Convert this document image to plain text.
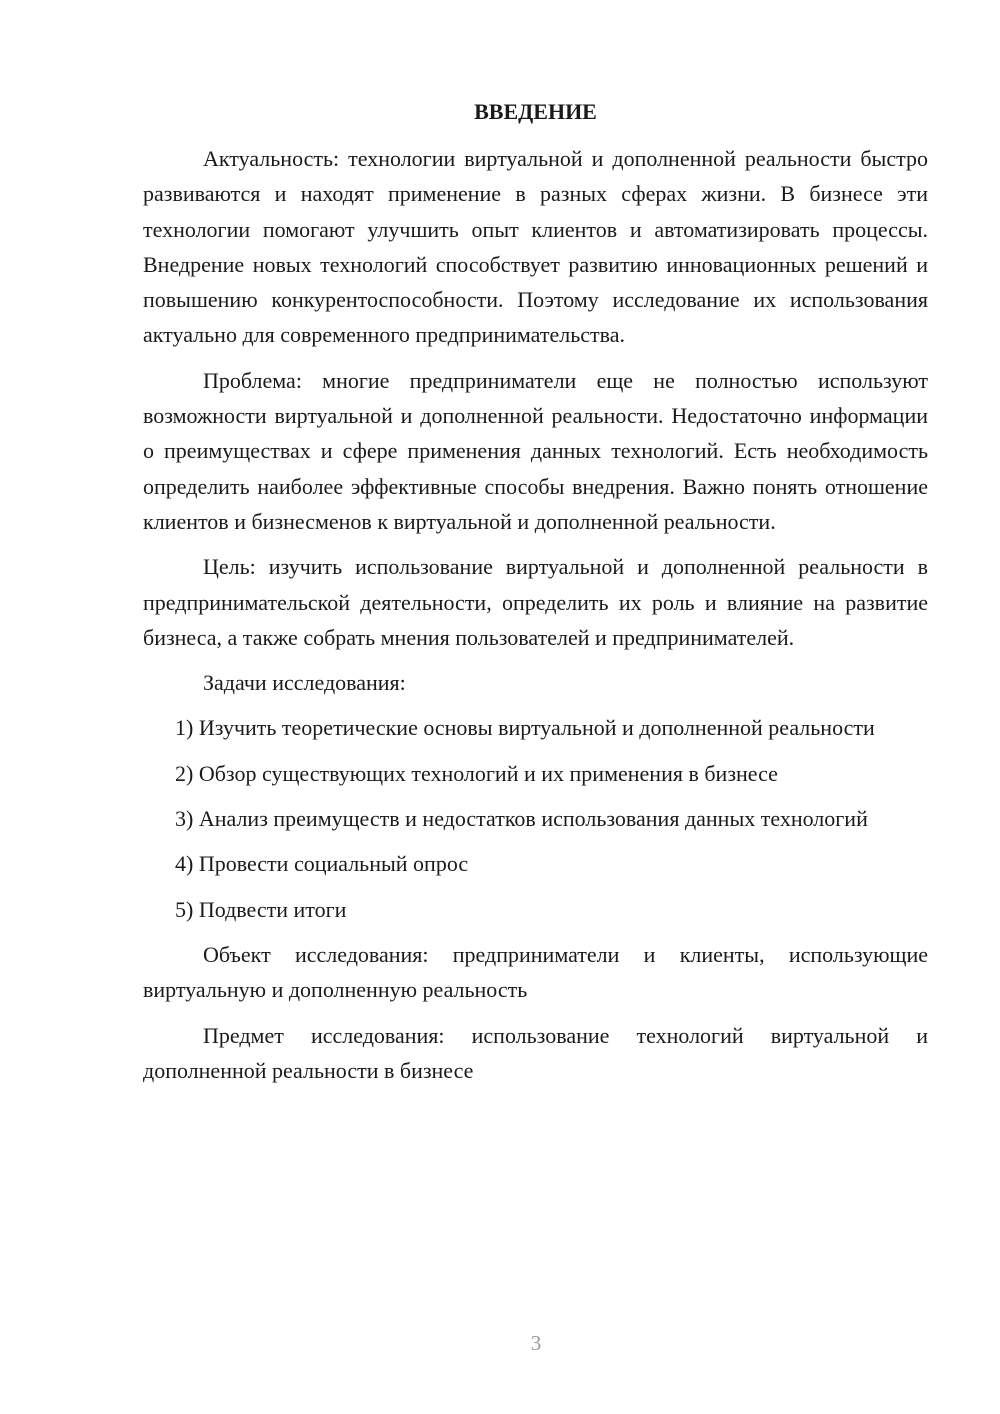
ВВЕДЕНИЕ

Актуальность: технологии виртуальной и дополненной реальности быстро развиваются и находят применение в разных сферах жизни. В бизнесе эти технологии помогают улучшить опыт клиентов и автоматизировать процессы. Внедрение новых технологий способствует развитию инновационных решений и повышению конкурентоспособности. Поэтому исследование их использования актуально для современного предпринимательства.

Проблема: многие предприниматели еще не полностью используют возможности виртуальной и дополненной реальности. Недостаточно информации о преимуществах и сфере применения данных технологий. Есть необходимость определить наиболее эффективные способы внедрения. Важно понять отношение клиентов и бизнесменов к виртуальной и дополненной реальности.

Цель: изучить использование виртуальной и дополненной реальности в предпринимательской деятельности, определить их роль и влияние на развитие бизнеса, а также собрать мнения пользователей и предпринимателей.

Задачи исследования:

1) Изучить теоретические основы виртуальной и дополненной реальности

2) Обзор существующих технологий и их применения в бизнесе

3) Анализ преимуществ и недостатков использования данных технологий

4) Провести социальный опрос

5) Подвести итоги

Объект исследования: предприниматели и клиенты, использующие виртуальную и дополненную реальность

Предмет исследования: использование технологий виртуальной и дополненной реальности в бизнесе

3
